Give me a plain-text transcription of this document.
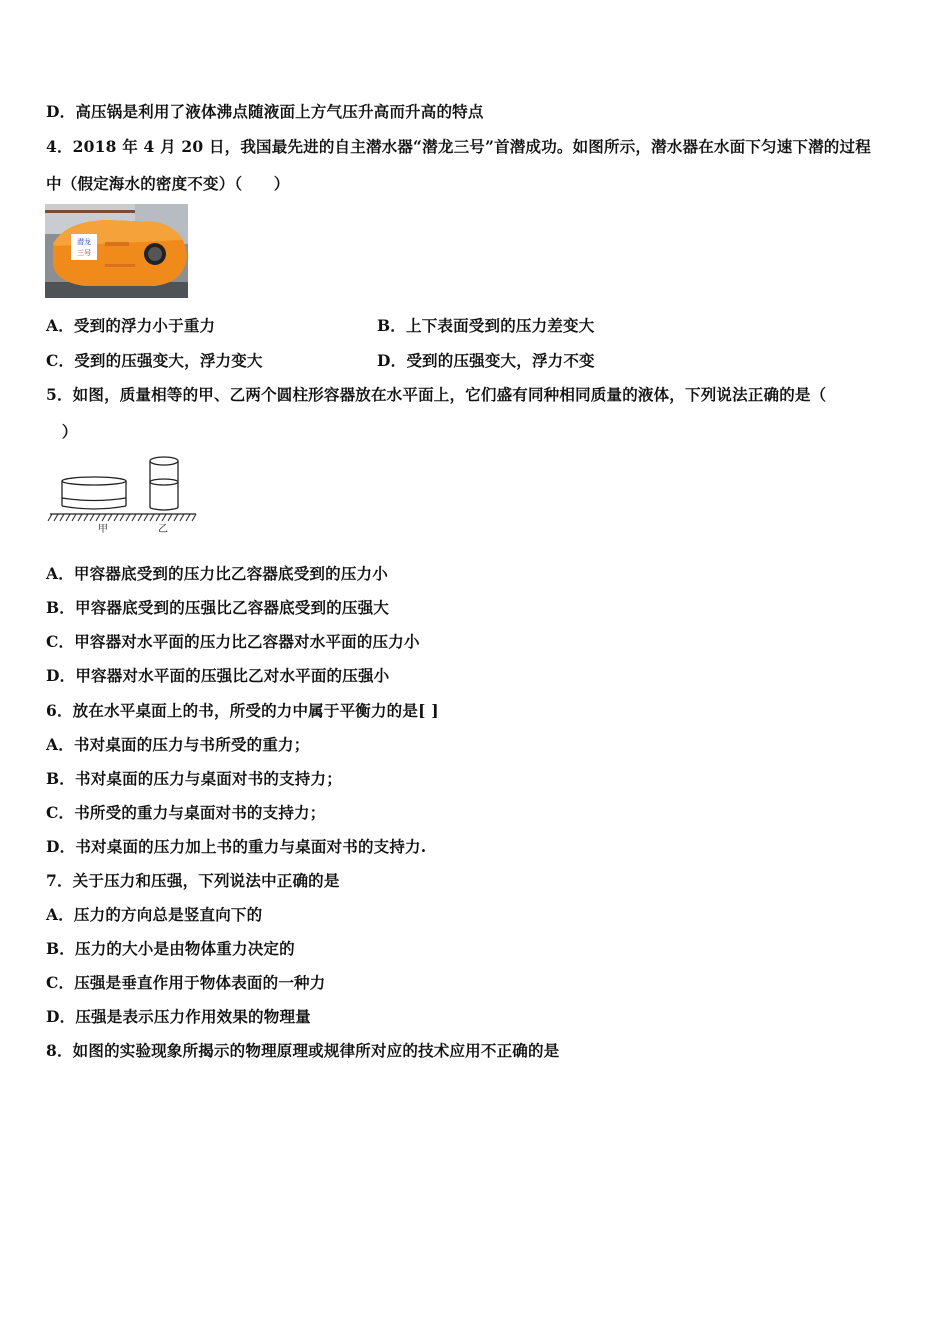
D．高压锅是利用了液体沸点随液面上方气压升高而升高的特点
4．2018 年 4 月 20 日，我国最先进的自主潜水器“潜龙三号”首潜成功。如图所示，潜水器在水面下匀速下潜的过程
中（假定海水的密度不变）（　　）
潜龙
三号
A．受到的浮力小于重力	B．上下表面受到的压力差变大
C．受到的压强变大，浮力变大	D．受到的压强变大，浮力不变
5．如图，质量相等的甲、乙两个圆柱形容器放在水平面上，它们盛有同种相同质量的液体，下列说法正确的是（
　）
甲	乙
A．甲容器底受到的压力比乙容器底受到的压力小
B．甲容器底受到的压强比乙容器底受到的压强大
C．甲容器对水平面的压力比乙容器对水平面的压力小
D．甲容器对水平面的压强比乙对水平面的压强小
6．放在水平桌面上的书，所受的力中属于平衡力的是[ ]
A．书对桌面的压力与书所受的重力；
B．书对桌面的压力与桌面对书的支持力；
C．书所受的重力与桌面对书的支持力；
D．书对桌面的压力加上书的重力与桌面对书的支持力.
7．关于压力和压强，下列说法中正确的是
A．压力的方向总是竖直向下的
B．压力的大小是由物体重力决定的
C．压强是垂直作用于物体表面的一种力
D．压强是表示压力作用效果的物理量
8．如图的实验现象所揭示的物理原理或规律所对应的技术应用不正确的是
